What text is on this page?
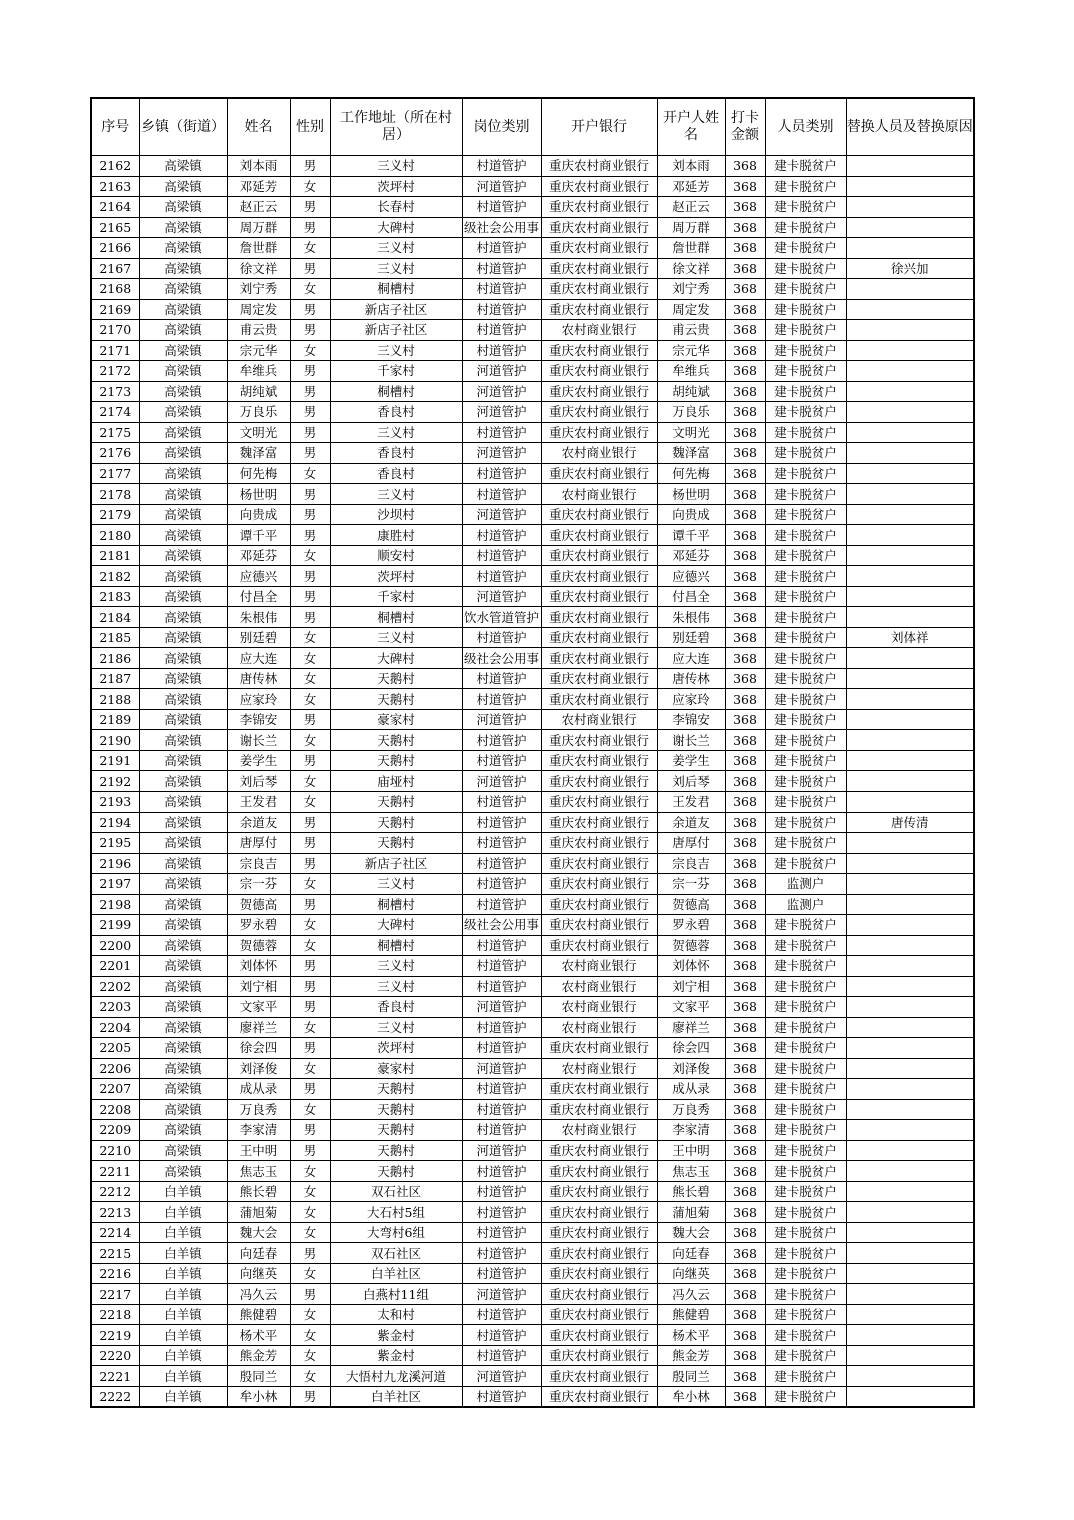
序号	乡镇（街道）	姓名	性别	工作地址（所在村居）	岗位类别	开户银行	开户人姓名	打卡金额	人员类别	替换人员及替换原因
2162	高梁镇	刘本雨	男	三义村	村道管护	重庆农村商业银行	刘本雨	368	建卡脱贫户	
2163	高梁镇	邓延芳	女	茨坪村	河道管护	重庆农村商业银行	邓延芳	368	建卡脱贫户	
2164	高梁镇	赵正云	男	长春村	村道管护	重庆农村商业银行	赵正云	368	建卡脱贫户	
2165	高梁镇	周万群	男	大碑村	级社会公用事	重庆农村商业银行	周万群	368	建卡脱贫户	
2166	高梁镇	詹世群	女	三义村	村道管护	重庆农村商业银行	詹世群	368	建卡脱贫户	
2167	高梁镇	徐文祥	男	三义村	村道管护	重庆农村商业银行	徐文祥	368	建卡脱贫户	徐兴加
2168	高梁镇	刘宁秀	女	桐槽村	村道管护	重庆农村商业银行	刘宁秀	368	建卡脱贫户	
2169	高梁镇	周定发	男	新店子社区	村道管护	重庆农村商业银行	周定发	368	建卡脱贫户	
2170	高梁镇	甫云贵	男	新店子社区	村道管护	农村商业银行	甫云贵	368	建卡脱贫户	
2171	高梁镇	宗元华	女	三义村	村道管护	重庆农村商业银行	宗元华	368	建卡脱贫户	
2172	高梁镇	牟维兵	男	千家村	河道管护	重庆农村商业银行	牟维兵	368	建卡脱贫户	
2173	高梁镇	胡纯斌	男	桐槽村	河道管护	重庆农村商业银行	胡纯斌	368	建卡脱贫户	
2174	高梁镇	万良乐	男	香良村	河道管护	重庆农村商业银行	万良乐	368	建卡脱贫户	
2175	高梁镇	文明光	男	三义村	村道管护	重庆农村商业银行	文明光	368	建卡脱贫户	
2176	高梁镇	魏泽富	男	香良村	河道管护	农村商业银行	魏泽富	368	建卡脱贫户	
2177	高梁镇	何先梅	女	香良村	村道管护	重庆农村商业银行	何先梅	368	建卡脱贫户	
2178	高梁镇	杨世明	男	三义村	村道管护	农村商业银行	杨世明	368	建卡脱贫户	
2179	高梁镇	向贵成	男	沙坝村	河道管护	重庆农村商业银行	向贵成	368	建卡脱贫户	
2180	高梁镇	谭千平	男	康胜村	村道管护	重庆农村商业银行	谭千平	368	建卡脱贫户	
2181	高梁镇	邓延芬	女	顺安村	村道管护	重庆农村商业银行	邓延芬	368	建卡脱贫户	
2182	高梁镇	应德兴	男	茨坪村	村道管护	重庆农村商业银行	应德兴	368	建卡脱贫户	
2183	高梁镇	付昌全	男	千家村	河道管护	重庆农村商业银行	付昌全	368	建卡脱贫户	
2184	高梁镇	朱根伟	男	桐槽村	饮水管道管护	重庆农村商业银行	朱根伟	368	建卡脱贫户	
2185	高梁镇	别廷碧	女	三义村	村道管护	重庆农村商业银行	别廷碧	368	建卡脱贫户	刘体祥
2186	高梁镇	应大连	女	大碑村	级社会公用事	重庆农村商业银行	应大连	368	建卡脱贫户	
2187	高梁镇	唐传林	女	天鹅村	村道管护	重庆农村商业银行	唐传林	368	建卡脱贫户	
2188	高梁镇	应家玲	女	天鹅村	村道管护	重庆农村商业银行	应家玲	368	建卡脱贫户	
2189	高梁镇	李锦安	男	豪家村	河道管护	农村商业银行	李锦安	368	建卡脱贫户	
2190	高梁镇	谢长兰	女	天鹅村	村道管护	重庆农村商业银行	谢长兰	368	建卡脱贫户	
2191	高梁镇	姜学生	男	天鹅村	村道管护	重庆农村商业银行	姜学生	368	建卡脱贫户	
2192	高梁镇	刘后琴	女	庙垭村	河道管护	重庆农村商业银行	刘后琴	368	建卡脱贫户	
2193	高梁镇	王发君	女	天鹅村	村道管护	重庆农村商业银行	王发君	368	建卡脱贫户	
2194	高梁镇	余道友	男	天鹅村	村道管护	重庆农村商业银行	余道友	368	建卡脱贫户	唐传清
2195	高梁镇	唐厚付	男	天鹅村	村道管护	重庆农村商业银行	唐厚付	368	建卡脱贫户	
2196	高梁镇	宗良吉	男	新店子社区	村道管护	重庆农村商业银行	宗良吉	368	建卡脱贫户	
2197	高梁镇	宗一芬	女	三义村	村道管护	重庆农村商业银行	宗一芬	368	监测户	
2198	高梁镇	贺德高	男	桐槽村	村道管护	重庆农村商业银行	贺德高	368	监测户	
2199	高梁镇	罗永碧	女	大碑村	级社会公用事	重庆农村商业银行	罗永碧	368	建卡脱贫户	
2200	高梁镇	贺德蓉	女	桐槽村	村道管护	重庆农村商业银行	贺德蓉	368	建卡脱贫户	
2201	高梁镇	刘体怀	男	三义村	村道管护	农村商业银行	刘体怀	368	建卡脱贫户	
2202	高梁镇	刘宁相	男	三义村	村道管护	农村商业银行	刘宁相	368	建卡脱贫户	
2203	高梁镇	文家平	男	香良村	河道管护	农村商业银行	文家平	368	建卡脱贫户	
2204	高梁镇	廖祥兰	女	三义村	村道管护	农村商业银行	廖祥兰	368	建卡脱贫户	
2205	高梁镇	徐会四	男	茨坪村	村道管护	重庆农村商业银行	徐会四	368	建卡脱贫户	
2206	高梁镇	刘泽俊	女	豪家村	河道管护	农村商业银行	刘泽俊	368	建卡脱贫户	
2207	高梁镇	成从录	男	天鹅村	村道管护	重庆农村商业银行	成从录	368	建卡脱贫户	
2208	高梁镇	万良秀	女	天鹅村	村道管护	重庆农村商业银行	万良秀	368	建卡脱贫户	
2209	高梁镇	李家清	男	天鹅村	村道管护	农村商业银行	李家清	368	建卡脱贫户	
2210	高梁镇	王中明	男	天鹅村	河道管护	重庆农村商业银行	王中明	368	建卡脱贫户	
2211	高梁镇	焦志玉	女	天鹅村	村道管护	重庆农村商业银行	焦志玉	368	建卡脱贫户	
2212	白羊镇	熊长碧	女	双石社区	村道管护	重庆农村商业银行	熊长碧	368	建卡脱贫户	
2213	白羊镇	蒲旭菊	女	大石村5组	村道管护	重庆农村商业银行	蒲旭菊	368	建卡脱贫户	
2214	白羊镇	魏大会	女	大弯村6组	村道管护	重庆农村商业银行	魏大会	368	建卡脱贫户	
2215	白羊镇	向廷春	男	双石社区	村道管护	重庆农村商业银行	向廷春	368	建卡脱贫户	
2216	白羊镇	向继英	女	白羊社区	村道管护	重庆农村商业银行	向继英	368	建卡脱贫户	
2217	白羊镇	冯久云	男	白燕村11组	河道管护	重庆农村商业银行	冯久云	368	建卡脱贫户	
2218	白羊镇	熊健碧	女	太和村	村道管护	重庆农村商业银行	熊健碧	368	建卡脱贫户	
2219	白羊镇	杨术平	女	紫金村	村道管护	重庆农村商业银行	杨术平	368	建卡脱贫户	
2220	白羊镇	熊金芳	女	紫金村	村道管护	重庆农村商业银行	熊金芳	368	建卡脱贫户	
2221	白羊镇	殷同兰	女	大悟村九龙溪河道	河道管护	重庆农村商业银行	殷同兰	368	建卡脱贫户	
2222	白羊镇	牟小林	男	白羊社区	村道管护	重庆农村商业银行	牟小林	368	建卡脱贫户	
